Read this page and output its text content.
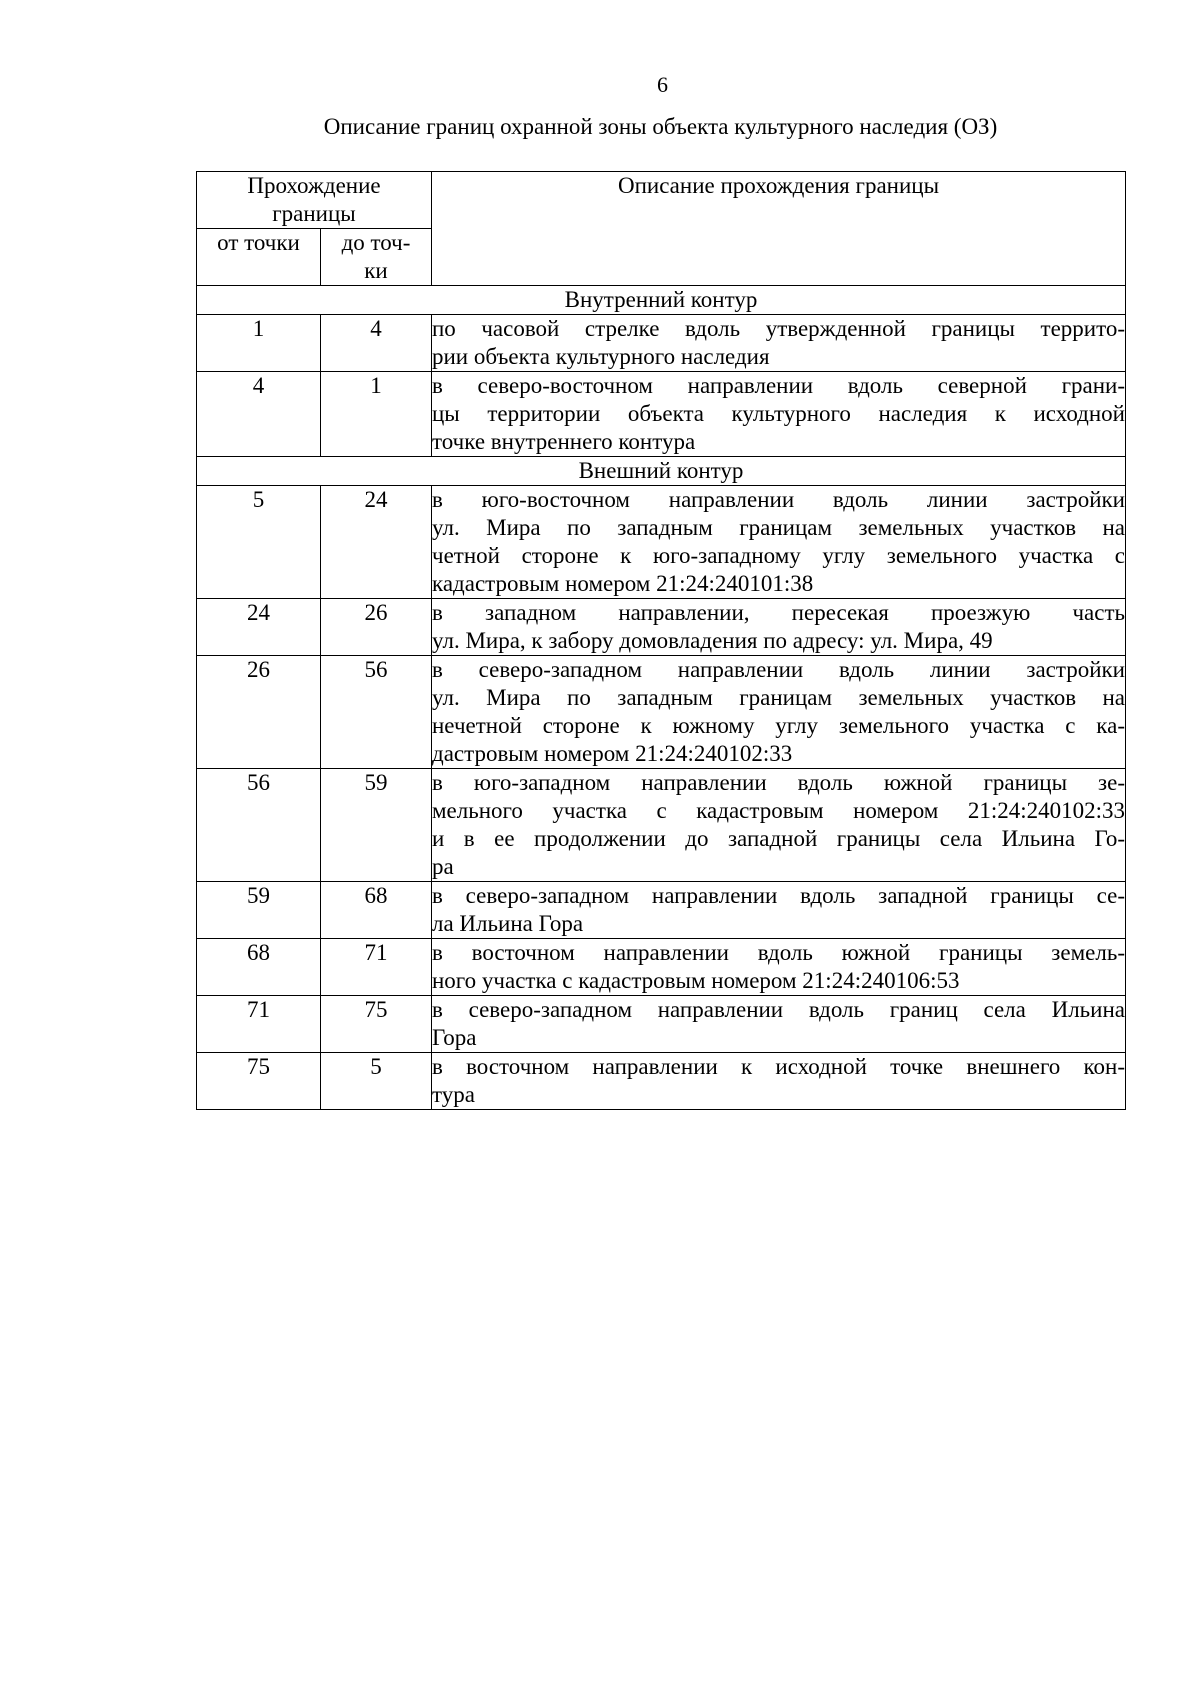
6
Описание границ охранной зоны объекта культурного наследия (ОЗ)
Прохождение
границы		Описание прохождения границы
от точки	до точ-
ки	

Внутренний контур		
1	4	по часовой стрелке вдоль утвержденной границы террито-
рии объекта культурного наследия

4	1	в северо-восточном направлении вдоль северной грани-
цы территории объекта культурного наследия к исходной
точке внутреннего контура

Внешний контур		
5	24	в юго-восточном направлении вдоль линии застройки
ул. Мира по западным границам земельных участков на
четной стороне к юго-западному углу земельного участка с
кадастровым номером 21:24:240101:38

24	26	в западном направлении, пересекая проезжую часть
ул. Мира, к забору домовладения по адресу: ул. Мира, 49

26	56	в северо-западном направлении вдоль линии застройки
ул. Мира по западным границам земельных участков на
нечетной стороне к южному углу земельного участка с ка-
дастровым номером 21:24:240102:33

56	59	в юго-западном направлении вдоль южной границы зе-
мельного участка с кадастровым номером 21:24:240102:33
и в ее продолжении до западной границы села Ильина Го-
ра

59	68	в северо-западном направлении вдоль западной границы се-
ла Ильина Гора

68	71	в восточном направлении вдоль южной границы земель-
ного участка с кадастровым номером 21:24:240106:53

71	75	в северо-западном направлении вдоль границ села Ильина
Гора

75	5	в восточном направлении к исходной точке внешнего кон-
тура
